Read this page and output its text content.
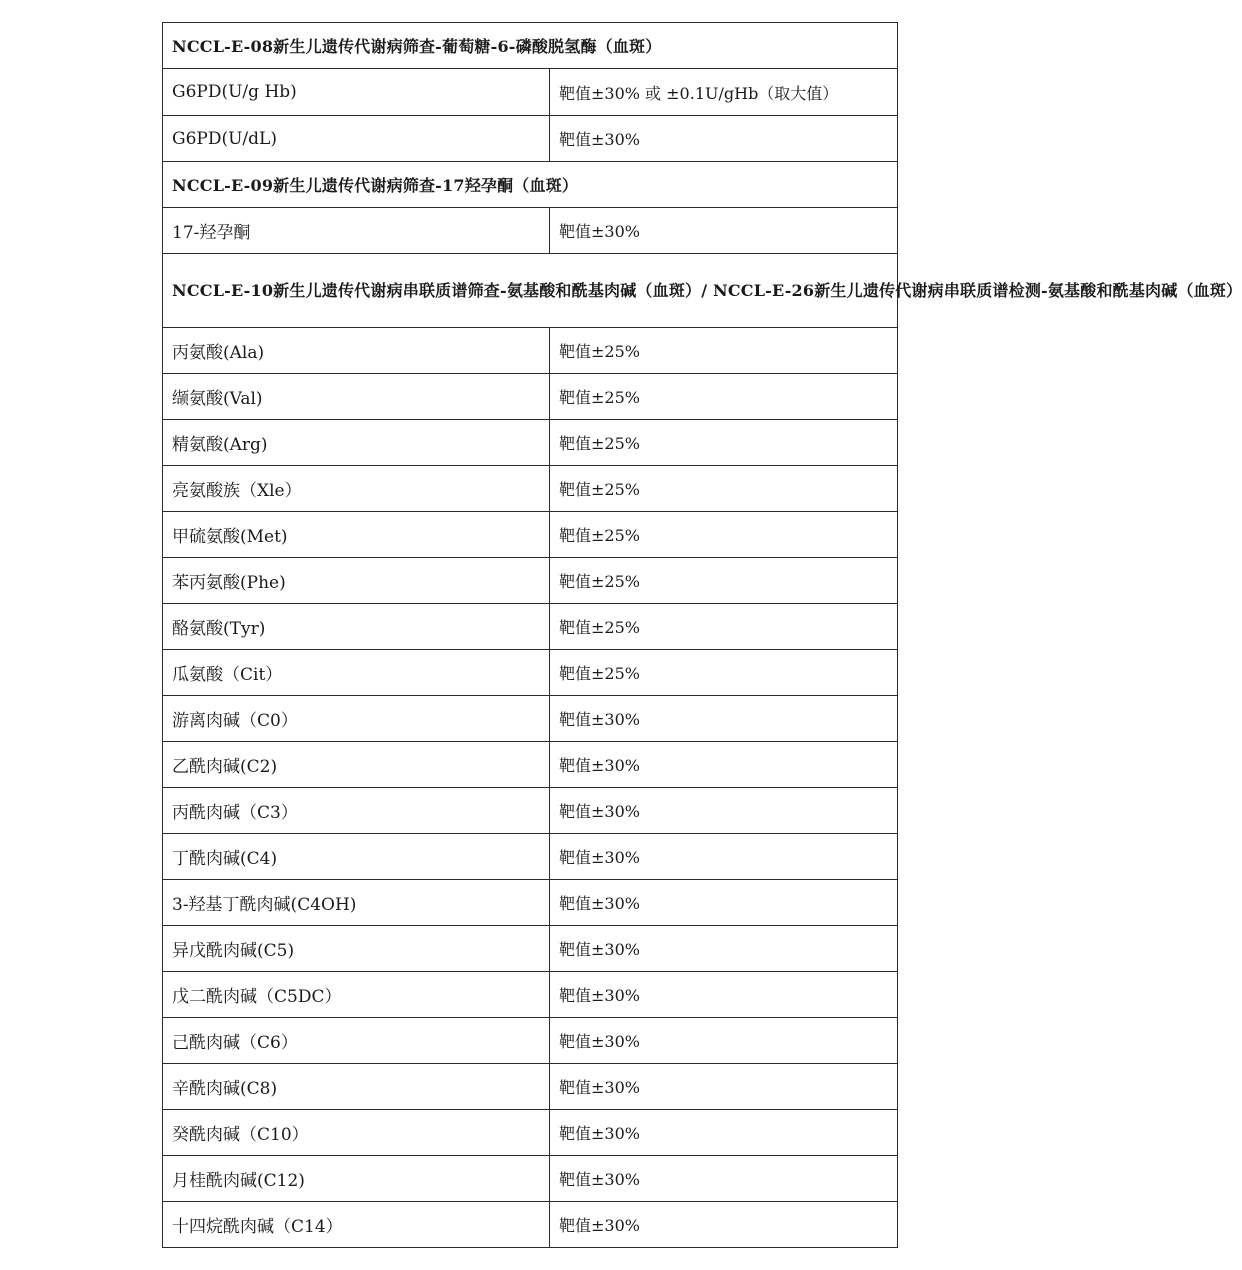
NCCL-E-08新生儿遗传代谢病筛查-葡萄糖-6-磷酸脱氢酶（血斑）	
G6PD(U/g Hb)	靶值±30% 或 ±0.1U/gHb（取大值）
G6PD(U/dL)	靶值±30%
NCCL-E-09新生儿遗传代谢病筛查-17羟孕酮（血斑）	
17-羟孕酮	靶值±30%
NCCL-E-10新生儿遗传代谢病串联质谱筛查-氨基酸和酰基肉碱（血斑）/ NCCL-E-26新生儿遗传代谢病串联质谱检测-氨基酸和酰基肉碱（血斑）	
丙氨酸(Ala)	靶值±25%
缬氨酸(Val)	靶值±25%
精氨酸(Arg)	靶值±25%
亮氨酸族（Xle）	靶值±25%
甲硫氨酸(Met)	靶值±25%
苯丙氨酸(Phe)	靶值±25%
酪氨酸(Tyr)	靶值±25%
瓜氨酸（Cit）	靶值±25%
游离肉碱（C0）	靶值±30%
乙酰肉碱(C2)	靶值±30%
丙酰肉碱（C3）	靶值±30%
丁酰肉碱(C4)	靶值±30%
3-羟基丁酰肉碱(C4OH)	靶值±30%
异戊酰肉碱(C5)	靶值±30%
戊二酰肉碱（C5DC）	靶值±30%
己酰肉碱（C6）	靶值±30%
辛酰肉碱(C8)	靶值±30%
癸酰肉碱（C10）	靶值±30%
月桂酰肉碱(C12)	靶值±30%
十四烷酰肉碱（C14）	靶值±30%
